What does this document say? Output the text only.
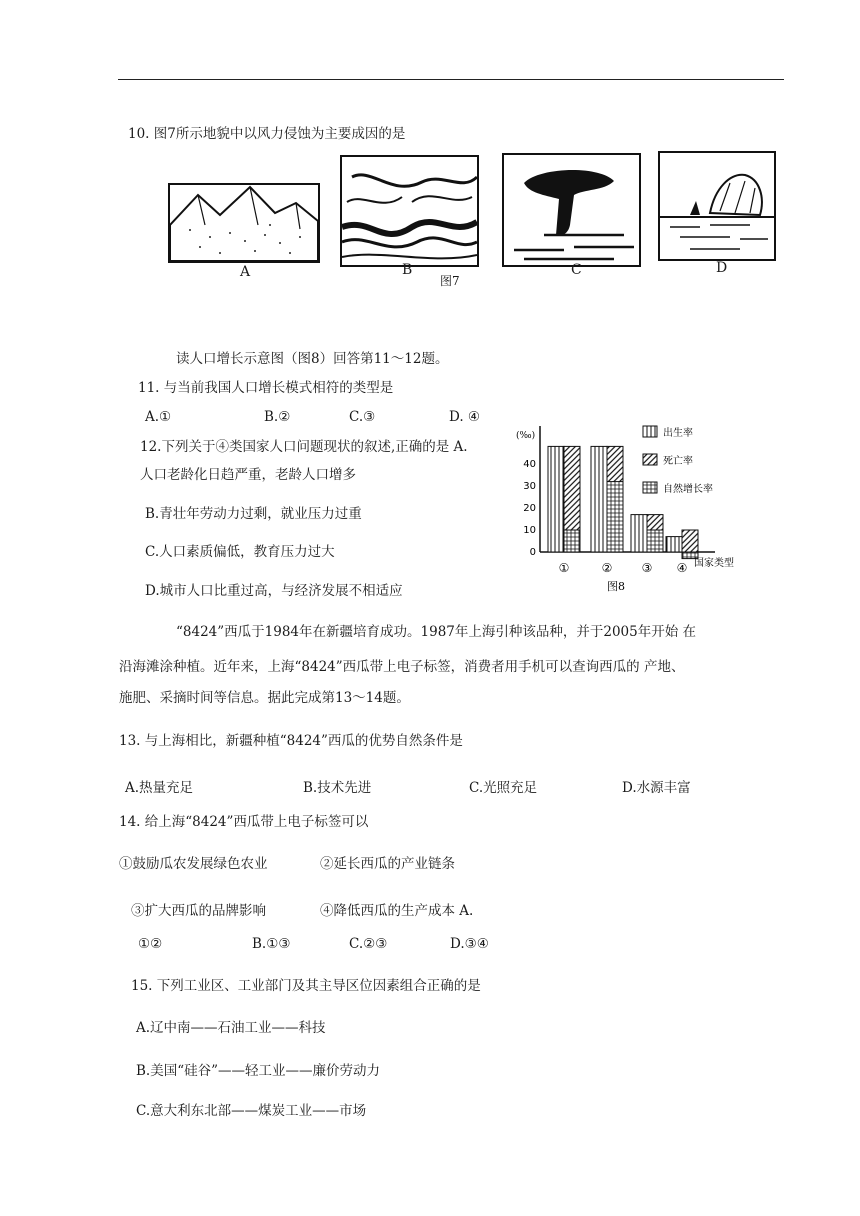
10. 图7所示地貌中以风力侵蚀为主要成因的是
A	B	C	D
图7
读人口增长示意图（图8）回答第11～12题。
11. 与当前我国人口增长模式相符的类型是
A.①	B.②	C.③	D. ④
12.下列关于④类国家人口问题现状的叙述,正确的是 A.
人口老龄化日趋严重，老龄人口增多
B.青壮年劳动力过剩，就业压力过重
C.人口素质偏低，教育压力过大
D.城市人口比重过高，与经济发展不相适应
(‰)
0
10
20
30
40
①	② ③ ④
出生率
死亡率
自然增长率
国家类型
图8
“8424”西瓜于1984年在新疆培育成功。1987年上海引种该品种，并于2005年开始 在
沿海滩涂种植。近年来，上海“8424”西瓜带上电子标签，消费者用手机可以查询西瓜的 产地、
施肥、采摘时间等信息。据此完成第13～14题。
13. 与上海相比，新疆种植“8424”西瓜的优势自然条件是
A.热量充足	B.技术先进	C.光照充足	D.水源丰富
14. 给上海“8424”西瓜带上电子标签可以
①鼓励瓜农发展绿色农业	②延长西瓜的产业链条
③扩大西瓜的品牌影响	④降低西瓜的生产成本 A.
①②	B.①③	C.②③	D.③④
15. 下列工业区、工业部门及其主导区位因素组合正确的是
A.辽中南——石油工业——科技
B.美国“硅谷”——轻工业——廉价劳动力
C.意大利东北部——煤炭工业——市场
